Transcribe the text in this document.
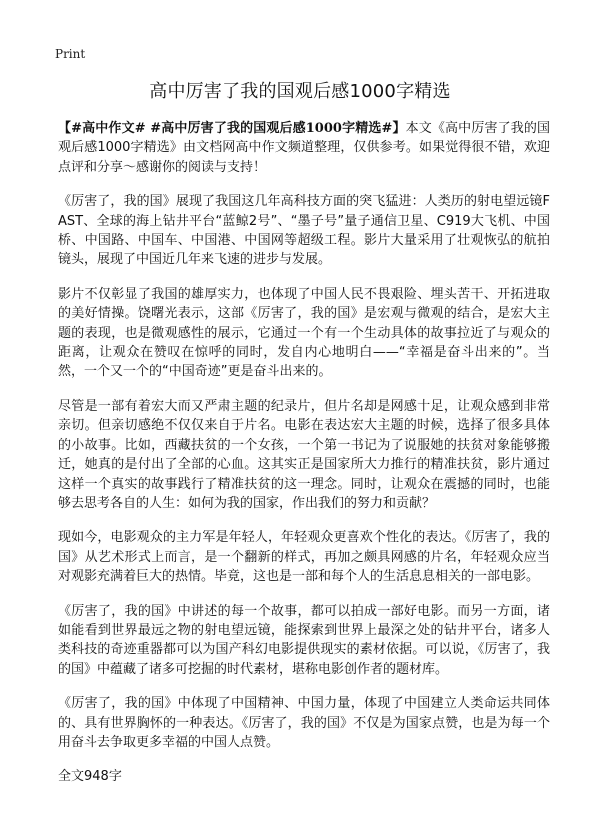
Print
高中厉害了我的国观后感1000字精选

【#高中作文# #高中厉害了我的国观后感1000字精选#】本文《高中厉害了我的国观后感1000字精选》由文档网高中作文频道整理，仅供参考。如果觉得很不错，欢迎点评和分享～感谢你的阅读与支持！

《厉害了，我的国》展现了我国这几年高科技方面的突飞猛进：人类历的射电望远镜FAST、全球的海上钻井平台“蓝鲸2号”、“墨子号”量子通信卫星、C919大飞机、中国桥、中国路、中国车、中国港、中国网等超级工程。影片大量采用了壮观恢弘的航拍镜头，展现了中国近几年来飞速的进步与发展。

影片不仅彰显了我国的雄厚实力，也体现了中国人民不畏艰险、埋头苦干、开拓进取的美好情操。饶曙光表示，这部《厉害了，我的国》是宏观与微观的结合，是宏大主题的表现，也是微观感性的展示，它通过一个有一个生动具体的故事拉近了与观众的距离，让观众在赞叹在惊呼的同时，发自内心地明白——“幸福是奋斗出来的”。当然，一个又一个的“中国奇迹”更是奋斗出来的。

尽管是一部有着宏大而又严肃主题的纪录片，但片名却是网感十足，让观众感到非常亲切。但亲切感绝不仅仅来自于片名。电影在表达宏大主题的时候，选择了很多具体的小故事。比如，西藏扶贫的一个女孩，一个第一书记为了说服她的扶贫对象能够搬迁，她真的是付出了全部的心血。这其实正是国家所大力推行的精准扶贫，影片通过这样一个真实的故事践行了精准扶贫的这一理念。同时，让观众在震撼的同时，也能够去思考各自的人生：如何为我的国家，作出我们的努力和贡献？

现如今，电影观众的主力军是年轻人，年轻观众更喜欢个性化的表达。《厉害了，我的国》从艺术形式上而言，是一个翻新的样式，再加之颇具网感的片名，年轻观众应当对观影充满着巨大的热情。毕竟，这也是一部和每个人的生活息息相关的一部电影。

《厉害了，我的国》中讲述的每一个故事，都可以拍成一部好电影。而另一方面，诸如能看到世界最远之物的射电望远镜，能探索到世界上最深之处的钻井平台，诸多人类科技的奇迹重器都可以为国产科幻电影提供现实的素材依据。可以说，《厉害了，我的国》中蕴藏了诸多可挖掘的时代素材，堪称电影创作者的题材库。

《厉害了，我的国》中体现了中国精神、中国力量，体现了中国建立人类命运共同体的、具有世界胸怀的一种表达。《厉害了，我的国》不仅是为国家点赞，也是为每一个用奋斗去争取更多幸福的中国人点赞。

全文948字
